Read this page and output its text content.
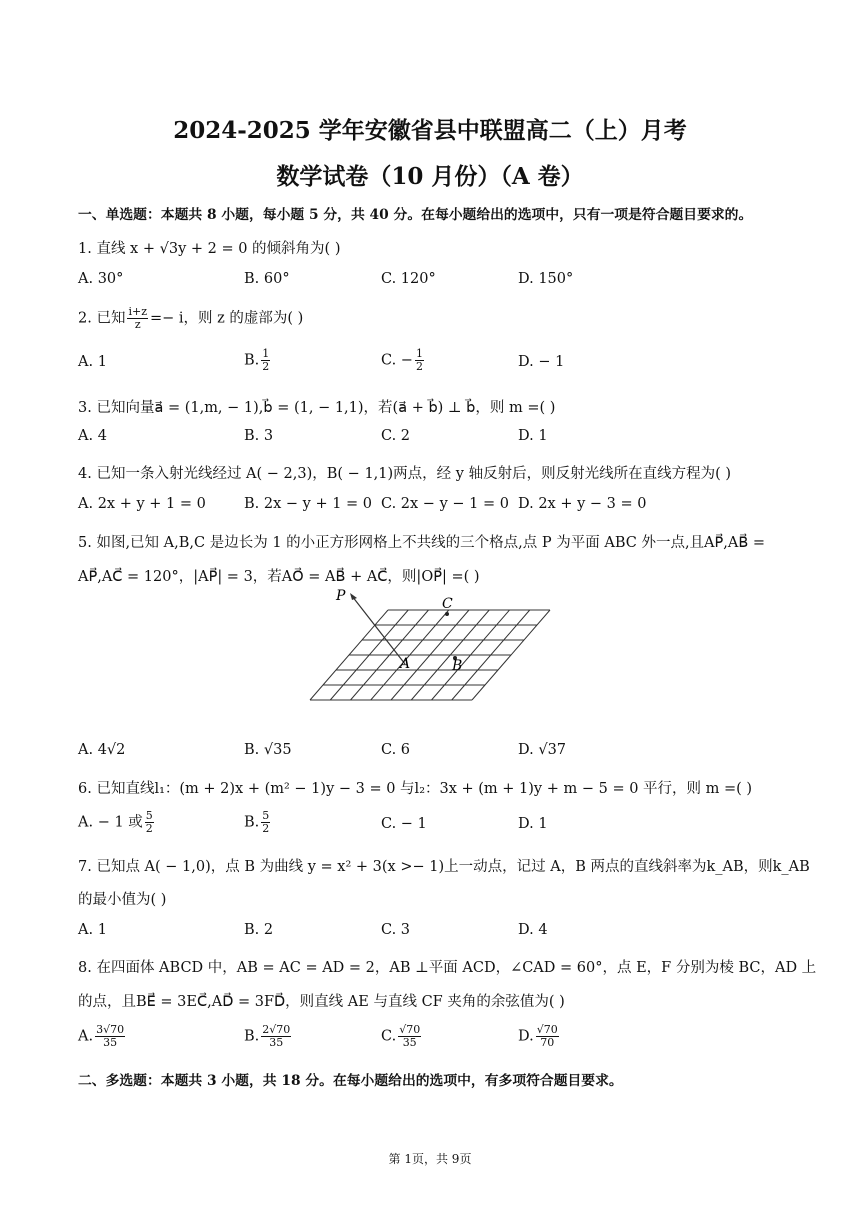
2024-2025 学年安徽省县中联盟高二（上）月考
数学试卷（10 月份）（A 卷）
一、单选题：本题共 8 小题，每小题 5 分，共 40 分。在每小题给出的选项中，只有一项是符合题目要求的。
1. 直线 x + √3y + 2 = 0 的倾斜角为( )
A. 30°	B. 60°	C. 120°	D. 150°
2. 已知 $\frac{i+z}{z} =- i$，则 z 的虚部为( )
A. 1	B. $\frac{1}{2}$	C. − $\frac{1}{2}$	D. − 1
3. 已知向量a⃗ = (1,m, − 1),b⃗ = (1, − 1,1)，若(a⃗ + b⃗) ⊥ b⃗，则 m =( )
A. 4	B. 3	C. 2	D. 1
4. 已知一条入射光线经过 A( − 2,3)，B( − 1,1)两点，经 y 轴反射后，则反射光线所在直线方程为( )
A. 2x + y + 1 = 0	B. 2x − y + 1 = 0 C. 2x − y − 1 = 0 D. 2x + y − 3 = 0
5. 如图,已知 A,B,C 是边长为 1 的小正方形网格上不共线的三个格点,点 P 为平面 ABC 外一点,且AP⃗,AB⃗ =
AP⃗,AC⃗ = 120°，|AP⃗| = 3，若AO⃗ = AB⃗ + AC⃗，则|OP⃗| =( )
P	C
A	B
A. 4√2	B. √35	C. 6	D. √37
6. 已知直线l₁：(m + 2)x + (m² − 1)y − 3 = 0 与l₂：3x + (m + 1)y + m − 5 = 0 平行，则 m =( )
A. − 1 或 $\frac{5}{2}$	B. $\frac{5}{2}$	C. − 1	D. 1
7. 已知点 A( − 1,0)，点 B 为曲线 y = x² + 3(x >− 1)上一动点，记过 A，B 两点的直线斜率为k_AB，则k_AB
的最小值为( )
A. 1	B. 2	C. 3	D. 4
8. 在四面体 ABCD 中，AB = AC = AD = 2，AB ⊥平面 ACD，∠CAD = 60°，点 E，F 分别为棱 BC，AD 上
的点，且BE⃗ = 3EC⃗,AD⃗ = 3FD⃗，则直线 AE 与直线 CF 夹角的余弦值为( )
A. $\frac{3√70}{35}$	B. $\frac{2√70}{35}$	C. $\frac{√70}{35}$	D. $\frac{√70}{70}$
二、多选题：本题共 3 小题，共 18 分。在每小题给出的选项中，有多项符合题目要求。
第 1页，共 9页
